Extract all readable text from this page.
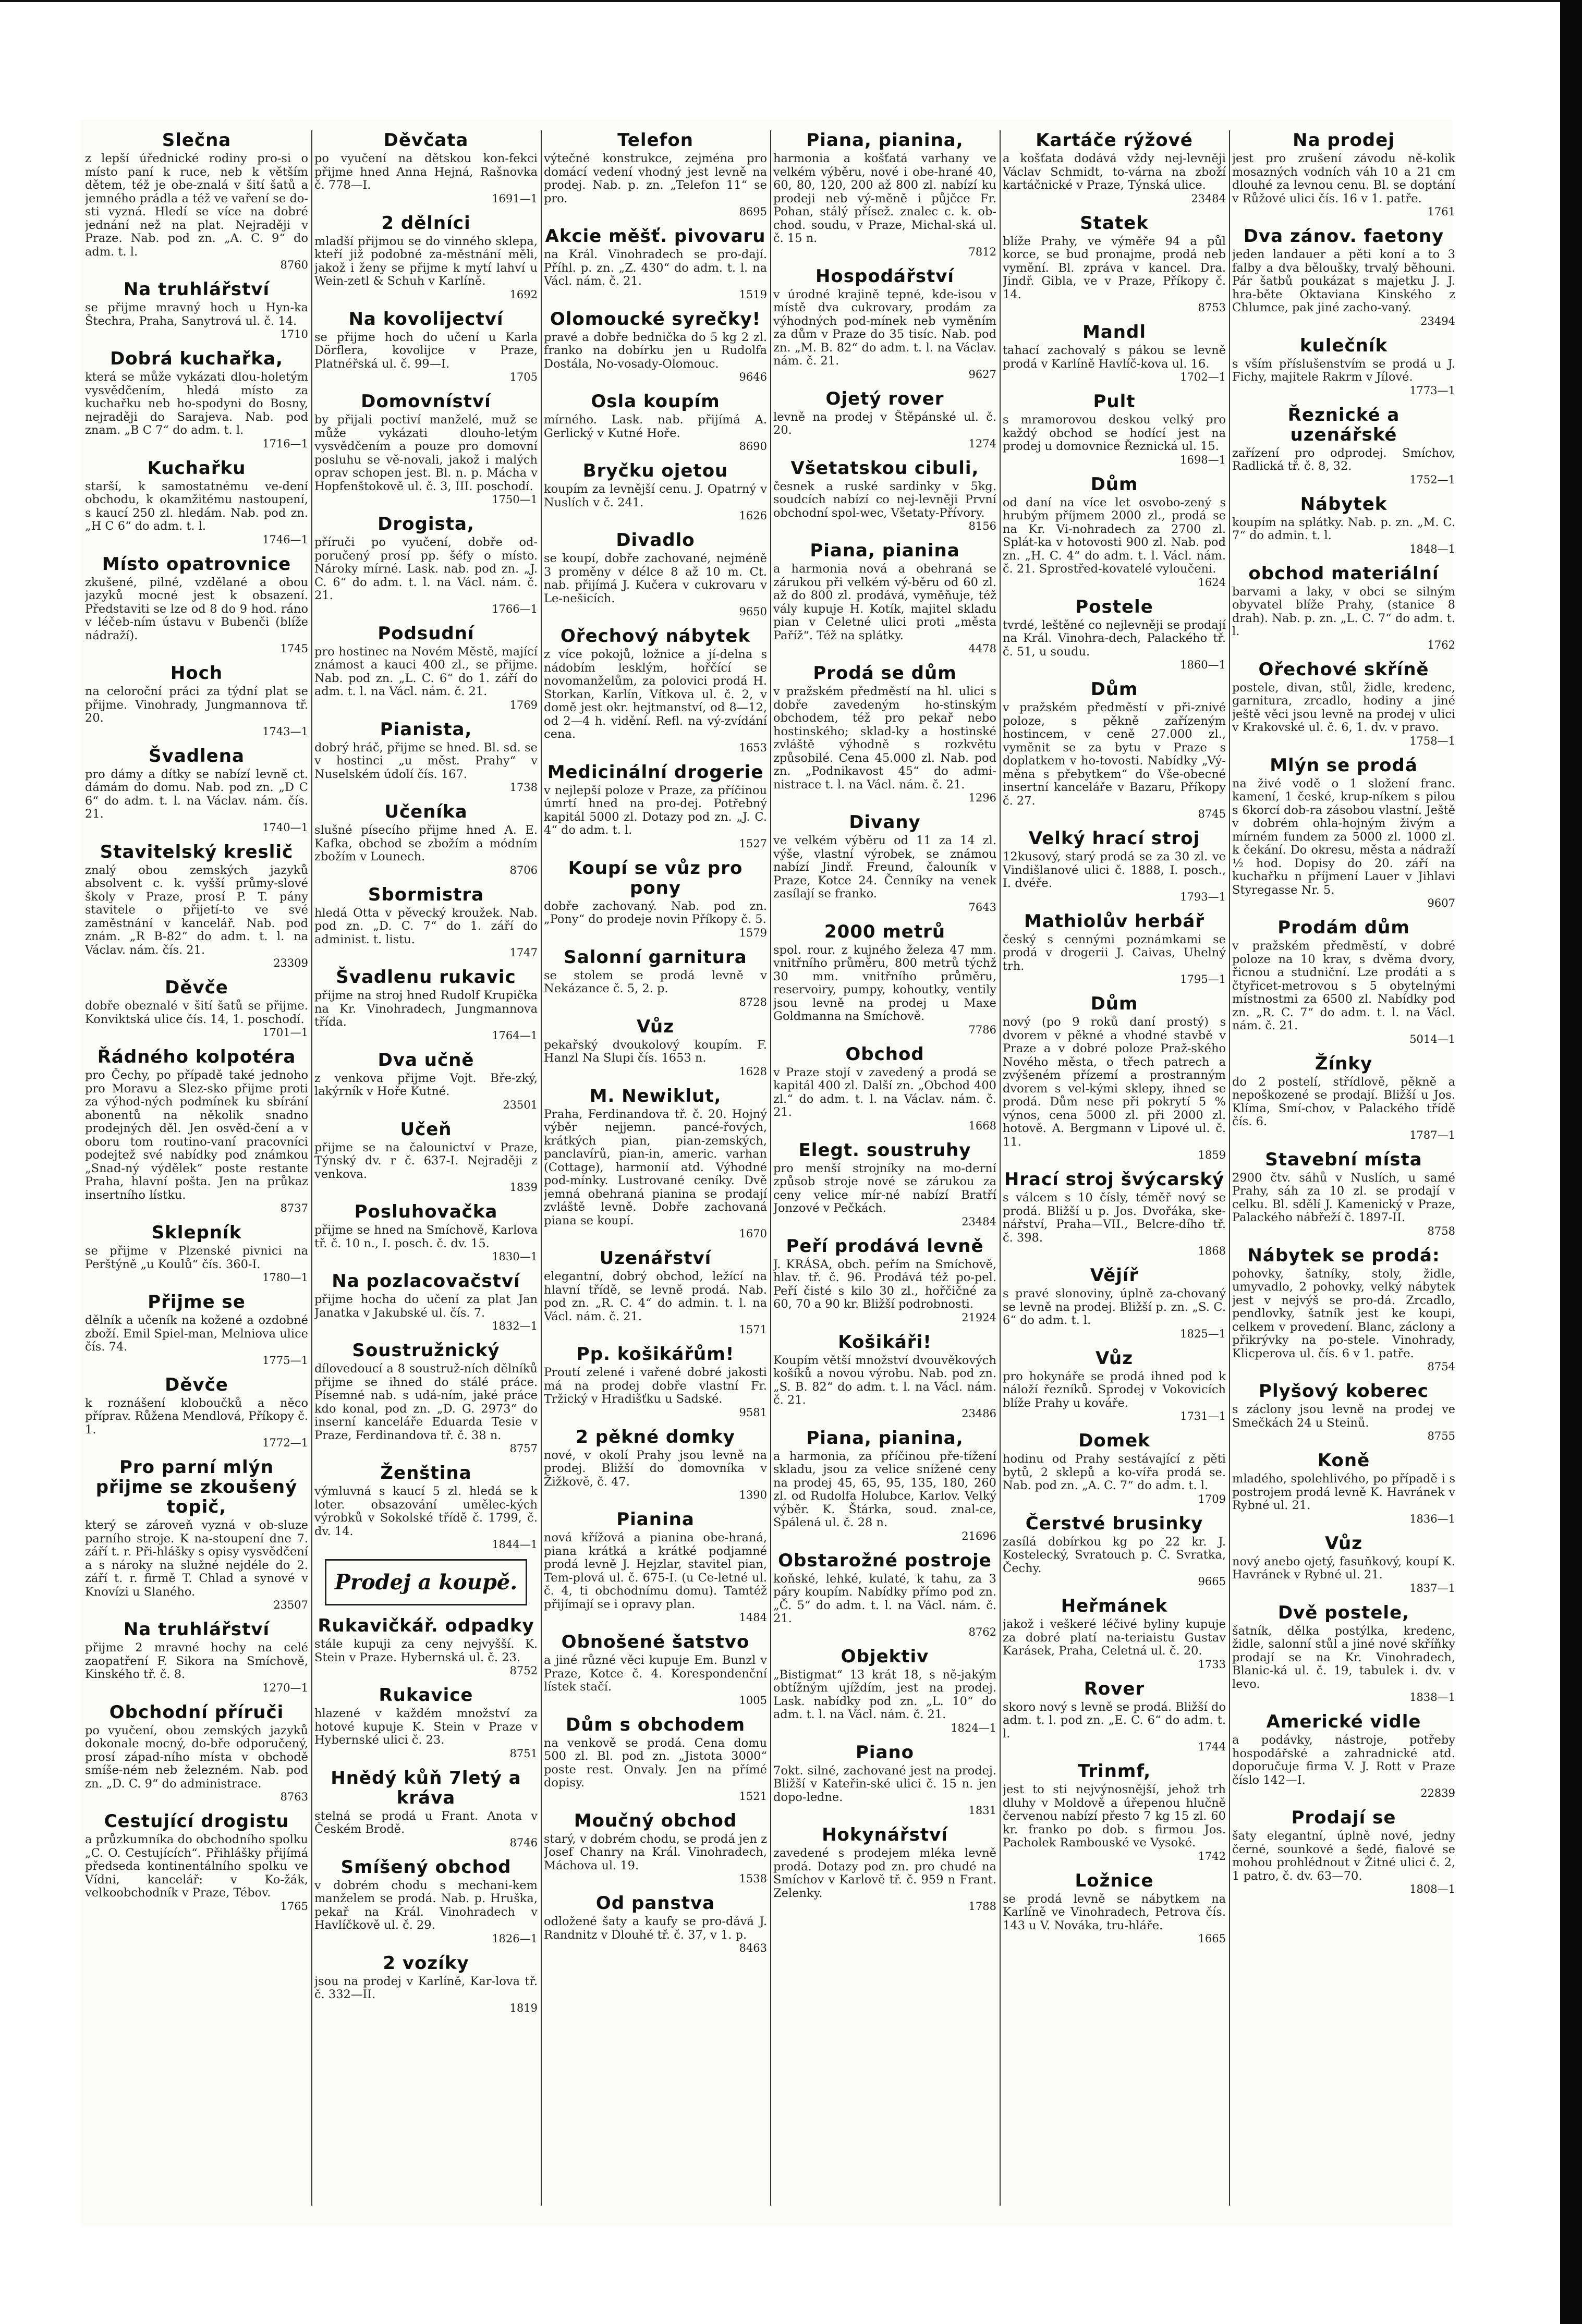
Slečna

z lepší úřednické rodiny pro-si o místo paní k ruce, neb k větším dětem, též je obe-znalá v šití šatů a jemného prádla a též ve vaření se do-sti vyzná. Hledí se více na dobré jednání než na plat. Nejraději v Praze. Nab. pod zn. „A. C. 9“ do adm. t. l.

8760
Na truhlářství

se přijme mravný hoch u Hyn-ka Štechra, Praha, Sanytrová ul. č. 14.

1710
Dobrá kuchařka,

která se může vykázati dlou-holetým vysvědčením, hledá místo za kuchařku neb ho-spodyni do Bosny, nejraději do Sarajeva. Nab. pod znam. „B C 7“ do adm. t. l.

1716—1
Kuchařku

starší, k samostatnému ve-dení obchodu, k okamžitému nastoupení, s kaucí 250 zl. hledám. Nab. pod zn. „H C 6“ do adm. t. l.

1746—1
Místo opatrovnice

zkušené, pilné, vzdělané a obou jazyků mocné jest k obsazení. Představiti se lze od 8 do 9 hod. ráno v léčeb-ním ústavu v Bubenči (blíže nádraží).

1745
Hoch

na celoroční práci za týdní plat se přijme. Vinohrady, Jungmannova tř. 20.

1743—1
Švadlena

pro dámy a dítky se nabízí levně ct. dámám do domu. Nab. pod zn. „D C 6“ do adm. t. l. na Václav. nám. čís. 21.

1740—1
Stavitelský kreslič

znalý obou zemských jazyků absolvent c. k. vyšší průmy-slové školy v Praze, prosí P. T. pány stavitele o přijetí-to ve své zaměstnání v kancelář. Nab. pod znám. „R B-82“ do adm. t. l. na Václav. nám. čís. 21.

23309
Děvče

dobře obeznalé v šití šatů se přijme. Konviktská ulice čís. 14, 1. poschodí.

1701—1
Řádného kolpotéra

pro Čechy, po případě také jednoho pro Moravu a Slez-sko přijme proti za výhod-ných podmínek ku sbírání abonentů na několik snadno prodejných děl. Jen osvěd-čení a v oboru tom routino-vaní pracovníci podejtež své nabídky pod známkou „Snad-ný výdělek“ poste restante Praha, hlavní pošta. Jen na průkaz insertního lístku.

8737
Sklepník

se přijme v Plzenské pivnici na Perštýně „u Koulů“ čís. 360-I.

1780—1
Přijme se

dělník a učeník na kožené a ozdobné zboží. Emil Spiel-man, Melniova ulice čís. 74.

1775—1
Děvče

k roznášení kloboučků a něco příprav. Růžena Mendlová, Příkopy č. 1.

1772—1
Pro parní mlýn přijme se zkoušený topič,

který se zároveň vyzná v ob-sluze parního stroje. K na-stoupení dne 7. září t. r. Při-hlášky s opisy vysvědčení a s nároky na služné nejdéle do 2. září t. r. firmě T. Chlad a synové v Knovízi u Slaného.

23507
Na truhlářství

přijme 2 mravné hochy na celé zaopatření F. Sikora na Smíchově, Kinského tř. č. 8.

1270—1
Obchodní příruči

po vyučení, obou zemských jazyků dokonale mocný, do-bře odporučený, prosí západ-ního místa v obchodě smíše-ném neb železném. Nab. pod zn. „D. C. 9“ do administrace.

8763
Cestující drogistu

a průzkumníka do obchodního spolku „C. O. Cestujících“. Přihlášky přijímá předseda kontinentálního spolku ve Vídni, kancelář: v Ko-žák, velkoobchodník v Praze, Tébov.

1765
Děvčata

po vyučení na dětskou kon-fekci přijme hned Anna Hejná, Rašnovka č. 778—I.

1691—1
2 dělníci

mladší přijmou se do vinného sklepa, kteří již podobné za-městnání měli, jakož i ženy se přijme k mytí lahví u Wein-zetl & Schuh v Karlíně.

1692
Na kovolijectví

se přijme hoch do učení u Karla Dörflera, kovolijce v Praze, Platnéřská ul. č. 99—I.

1705
Domovníství

by přijali poctiví manželé, muž se může vykázati dlouho-letým vysvědčením a pouze pro domovní posluhu se vě-novali, jakož i malých oprav schopen jest. Bl. n. p. Mácha v Hopfenštokově ul. č. 3, III. poschodí.

1750—1
Drogista,

příruči po vyučení, dobře od-poručený prosí pp. šéfy o místo. Nároky mírné. Lask. nab. pod zn. „J. C. 6“ do adm. t. l. na Václ. nám. č. 21.

1766—1
Podsudní

pro hostinec na Novém Městě, mající známost a kauci 400 zl., se přijme. Nab. pod zn. „L. C. 6“ do 1. září do adm. t. l. na Václ. nám. č. 21.

1769
Pianista,

dobrý hráč, přijme se hned. Bl. sd. se v hostinci „u měst. Prahy“ v Nuselském údolí čís. 167.

1738
Učeníka

slušné písecího přijme hned A. E. Kafka, obchod se zbožím a módním zbožím v Lounech.

8706
Sbormistra

hledá Otta v pěvecký kroužek. Nab. pod zn. „D. C. 7“ do 1. září do administ. t. listu.

1747
Švadlenu rukavic

přijme na stroj hned Rudolf Krupička na Kr. Vinohradech, Jungmannova třída.

1764—1
Dva učně

z venkova přijme Vojt. Bře-zký, lakýrník v Hoře Kutné.

23501
Učeň

přijme se na čalounictví v Praze, Týnský dv. r č. 637-I. Nejraději z venkova.

1839
Posluhovačka

přijme se hned na Smíchově, Karlova tř. č. 10 n., I. posch. č. dv. 15.

1830—1
Na pozlacovačství

přijme hocha do učení za plat Jan Janatka v Jakubské ul. čís. 7.

1832—1
Soustružnický

dílovedoucí a 8 soustruž-ních dělníků přijme se ihned do stálé práce. Písemné nab. s udá-ním, jaké práce kdo konal, pod zn. „D. G. 2973“ do inserní kanceláře Eduarda Tesie v Praze, Ferdinandova tř. č. 38 n.

8757
Ženština

výmluvná s kaucí 5 zl. hledá se k loter. obsazování umělec-kých výrobků v Sokolské třídě č. 1799, č. dv. 14.

1844—1
Prodej a koupě.
Rukavičkář. odpadky

stále kupuji za ceny nejvyšší. K. Stein v Praze. Hybernská ul. č. 23.

8752
Rukavice

hlazené v každém množství za hotové kupuje K. Stein v Praze v Hybernské ulici č. 23.

8751
Hnědý kůň 7letý a kráva

stelná se prodá u Frant. Anota v Českém Brodě.

8746
Smíšený obchod

v dobrém chodu s mechani-kem manželem se prodá. Nab. p. Hruška, pekař na Král. Vinohradech v Havlíčkově ul. č. 29.

1826—1
2 vozíky

jsou na prodej v Karlíně, Kar-lova tř. č. 332—II.

1819
Telefon

výtečné konstrukce, zejména pro domácí vedení vhodný jest levně na prodej. Nab. p. zn. „Telefon 11“ se pro.

8695
Akcie měšť. pivovaru

na Král. Vinohradech se pro-dají. Příhl. p. zn. „Z. 430“ do adm. t. l. na Václ. nám. č. 21.

1519
Olomoucké syrečky!

pravé a dobře bednička do 5 kg 2 zl. franko na dobírku jen u Rudolfa Dostála, No-vosady-Olomouc.

9646
Osla koupím

mírného. Lask. nab. přijímá A. Gerlický v Kutné Hoře.

8690
Bryčku ojetou

koupím za levnější cenu. J. Opatrný v Nuslích v č. 241.

1626
Divadlo

se koupí, dobře zachované, nejméně 3 proměny v délce 8 až 10 m. Ct. nab. přijímá J. Kučera v cukrovaru v Le-nešicích.

9650
Ořechový nábytek

z více pokojů, ložnice a jí-delna s nádobím lesklým, hořčící se novomanželům, za polovici prodá H. Storkan, Karlín, Vítkova ul. č. 2, v domě jest okr. hejtmanství, od 8—12, od 2—4 h. vidění. Refl. na vý-zvídání cena.

1653
Medicinální drogerie

v nejlepší poloze v Praze, za příčinou úmrtí hned na pro-dej. Potřebný kapitál 5000 zl. Dotazy pod zn. „J. C. 4“ do adm. t. l.

1527
Koupí se vůz pro pony

dobře zachovaný. Nab. pod zn. „Pony“ do prodeje novin Příkopy č. 5.

1579
Salonní garnitura

se stolem se prodá levně v Nekázance č. 5, 2. p.

8728
Vůz

pekařský dvoukolový koupím. F. Hanzl Na Slupi čís. 1653 n.

1628
M. Newiklut,

Praha, Ferdinandova tř. č. 20. Hojný výběr nejjemn. pancé-řových, krátkých pian, pian-zemských, panclavírů, pian-in, americ. varhan (Cottage), harmonií atd. Výhodné pod-mínky. Lustrované ceníky. Dvě jemná obehraná pianina se prodají zvláště levně. Dobře zachovaná piana se koupí.

1670
Uzenářství

elegantní, dobrý obchod, ležící na hlavní třídě, se levně prodá. Nab. pod zn. „R. C. 4“ do admin. t. l. na Václ. nám. č. 21.

1571
Pp. košikářům!

Proutí zelené i vařené dobré jakosti má na prodej dobře vlastní Fr. Tržický v Hradišťku u Sadské.

9581
2 pěkné domky

nové, v okolí Prahy jsou levně na prodej. Bližší do domovníka v Žižkově, č. 47.

1390
Pianina

nová křížová a pianina obe-hraná, piana krátká a krátké podjamné prodá levně J. Hejzlar, stavitel pian, Tem-plová ul. č. 675-I. (u Ce-letné ul. č. 4, ti obchodnímu domu). Tamtéž přijímají se i opravy plan.

1484
Obnošené šatstvo

a jiné různé věci kupuje Em. Bunzl v Praze, Kotce č. 4. Korespondenční lístek stačí.

1005
Dům s obchodem

na venkově se prodá. Cena domu 500 zl. Bl. pod zn. „Jistota 3000“ poste rest. Onvaly. Jen na přímé dopisy.

1521
Moučný obchod

starý, v dobrém chodu, se prodá jen z Josef Chanry na Král. Vinohradech, Máchova ul. 19.

1538
Od panstva

odložené šaty a kaufy se pro-dává J. Randnitz v Dlouhé tř. č. 37, v 1. p.

8463
Piana, pianina,

harmonia a košťatá varhany ve velkém výběru, nové i obe-hrané 40, 60, 80, 120, 200 až 800 zl. nabízí ku prodeji neb vý-měně i půjčce Fr. Pohan, stálý přísež. znalec c. k. ob-chod. soudu, v Praze, Michal-ská ul. č. 15 n.

7812
Hospodářství

v úrodné krajině tepné, kde-isou v místě dva cukrovary, prodám za výhodných pod-mínek neb vyměním za dům v Praze do 35 tisíc. Nab. pod zn. „M. B. 82“ do adm. t. l. na Václav. nám. č. 21.

9627
Ojetý rover

levně na prodej v Štěpánské ul. č. 20.

1274
Všetatskou cibuli,

česnek a ruské sardinky v 5kg. soudcích nabízí co nej-levněji První obchodní spol-wec, Všetaty-Přívory.

8156
Piana, pianina

a harmonia nová a obehraná se zárukou při velkém vý-běru od 60 zl. až do 800 zl. prodává, vyměňuje, též vály kupuje H. Kotík, majitel skladu pian v Celetné ulici proti „města Paříž“. Též na splátky.

4478
Prodá se dům

v pražském předměstí na hl. ulici s dobře zavedeným ho-stinským obchodem, též pro pekař nebo hostinského; sklad-ky a hostinské zvláště výhodně s rozkvětu způsobilé. Cena 45.000 zl. Nab. pod zn. „Podnikavost 45“ do admi-nistrace t. l. na Václ. nám. č. 21.

1296
Divany

ve velkém výběru od 11 za 14 zl. výše, vlastní výrobek, se známou nabízí Jindř. Freund, čalouník v Praze, Kotce 24. Čenníky na venek zasílají se franko.

7643
2000 metrů

spol. rour. z kujného železa 47 mm. vnitřního průměru, 800 metrů týchž 30 mm. vnitřního průměru, reservoiry, pumpy, kohoutky, ventily jsou levně na prodej u Maxe Goldmanna na Smíchově.

7786
Obchod

v Praze stojí v zavedený a prodá se kapitál 400 zl. Další zn. „Obchod 400 zl.“ do adm. t. l. na Václav. nám. č. 21.

1668
Elegt. soustruhy

pro menší strojníky na mo-derní způsob stroje nové se zárukou za ceny velice mír-né nabízí Bratří Jonzové v Pečkách.

23484
Peří prodává levně

J. KRÁSA, obch. peřím na Smíchově, hlav. tř. č. 96. Prodává též po-pel. Peří čisté s kilo 30 zl., hořčičné za 60, 70 a 90 kr. Bližší podrobnosti.

21924
Košikáři!

Koupím větší množství dvouvěkových košíků a novou výrobu. Nab. pod zn. „S. B. 82“ do adm. t. l. na Václ. nám. č. 21.

23486
Piana, pianina,

a harmonia, za příčinou pře-tížení skladu, jsou za velice snížené ceny na prodej 45, 65, 95, 135, 180, 260 zl. od Rudolfa Holubce, Karlov. Velký výběr. K. Štárka, soud. znal-ce, Spálená ul. č. 28 n.

21696
Obstarožné postroje

koňské, lehké, kulaté, k tahu, za 3 páry koupím. Nabídky přímo pod zn. „Č. 5“ do adm. t. l. na Václ. nám. č. 21.

8762
Objektiv

„Bistigmat“ 13 krát 18, s ně-jakým obtížným ujíždím, jest na prodej. Lask. nabídky pod zn. „L. 10“ do adm. t. l. na Václ. nám. č. 21.

1824—1
Piano

7okt. silné, zachované jest na prodej. Bližší v Kateřin-ské ulici č. 15 n. jen dopo-ledne.

1831
Hokynářství

zavedené s prodejem mléka levně prodá. Dotazy pod zn. pro chudé na Smíchov v Karlově tř. č. 959 n Frant. Zelenky.

1788
Kartáče rýžové

a košťata dodává vždy nej-levněji Václav Schmidt, to-várna na zboží kartáčnické v Praze, Týnská ulice.

23484
Statek

blíže Prahy, ve výměře 94 a půl korce, se bud pronajme, prodá neb vymění. Bl. zpráva v kancel. Dra. Jindř. Gibla, ve v Praze, Příkopy č. 14.

8753
Mandl

tahací zachovalý s pákou se levně prodá v Karlíně Havlíč-kova ul. 16.

1702—1
Pult

s mramorovou deskou velký pro každý obchod se hodící jest na prodej u domovnice Řeznická ul. 15.

1698—1
Dům

od daní na více let osvobo-zený s hrubým příjmem 2000 zl., prodá se na Kr. Vi-nohradech za 2700 zl. Splát-ka v hotovosti 900 zl. Nab. pod zn. „H. C. 4“ do adm. t. l. Václ. nám. č. 21. Sprostřed-kovatelé vyloučeni.

1624
Postele

tvrdé, leštěné co nejlevněji se prodají na Král. Vinohra-dech, Palackého tř. č. 51, u soudu.

1860—1
Dům

v pražském předměstí v při-znivé poloze, s pěkně zařízeným hostincem, v ceně 27.000 zl., vyměnit se za bytu v Praze s doplatkem v ho-tovosti. Nabídky „Vý-měna s přebytkem“ do Vše-obecné insertní kanceláře v Bazaru, Příkopy č. 27.

8745
Velký hrací stroj

12kusový, starý prodá se za 30 zl. ve Vindišlanové ulici č. 1888, I. posch., I. dvéře.

1793—1
Mathiolův herbář

český s cennými poznámkami se prodá v drogerii J. Caivas, Uhelný trh.

1795—1
Dům

nový (po 9 roků daní prostý) s dvorem v pěkné a vhodné stavbě v Praze a v dobré poloze Praž-ského Nového města, o třech patrech a zvýšeném přízemí a prostranným dvorem s vel-kými sklepy, ihned se prodá. Dům nese při pokrytí 5 % výnos, cena 5000 zl. při 2000 zl. hotově. A. Bergmann v Lipové ul. č. 11.

1859
Hrací stroj švýcarský

s válcem s 10 čísly, téměř nový se prodá. Bližší u p. Jos. Dvořáka, ske-nářství, Praha—VII., Belcre-dího tř. č. 398.

1868
Vějíř

s pravé slonoviny, úplně za-chovaný se levně na prodej. Bližší p. zn. „S. C. 6“ do adm. t. l.

1825—1
Vůz

pro hokynáře se prodá ihned pod k náloží řezníků. Sprodej v Vokovicích blíže Prahy u kováře.

1731—1
Domek

hodinu od Prahy sestávající z pěti bytů, 2 sklepů a ko-vířa prodá se. Nab. pod zn. „A. C. 7“ do adm. t. l.

1709
Čerstvé brusinky

zasílá dobírkou kg po 22 kr. J. Kostelecký, Svratouch p. Č. Svratka, Čechy.

9665
Heřmánek

jakož i veškeré léčivé byliny kupuje za dobré platí na-teriaistu Gustav Karásek, Praha, Celetná ul. č. 20.

1733
Rover

skoro nový s levně se prodá. Bližší do adm. t. l. pod zn. „E. C. 6“ do adm. t. l.

1744
Trinmf,

jest to sti nejvýnosnější, jehož trh dluhy v Moldově a úřepenou hlučně červenou nabízí přesto 7 kg 15 zl. 60 kr. franko po dob. s firmou Jos. Pacholek Rambouské ve Vysoké.

1742
Ložnice

se prodá levně se nábytkem na Karlíně ve Vinohradech, Petrova čís. 143 u V. Nováka, tru-hláře.

1665
Na prodej

jest pro zrušení závodu ně-kolik mosazných vodních váh 10 a 21 cm dlouhé za levnou cenu. Bl. se doptání v Růžové ulici čís. 16 v 1. patře.

1761
Dva zánov. faetony

jeden landauer a pěti koní a to 3 falby a dva běloušky, trvalý běhouni. Pár šatbů poukázat s majetku J. J. hra-běte Oktaviana Kinského z Chlumce, pak jiné zacho-vaný.

23494
kulečník

s vším příslušenstvím se prodá u J. Fichy, majitele Rakrm v Jílové.

1773—1
Řeznické a uzenářské

zařízení pro odprodej. Smíchov, Radlická tř. č. 8, 32.

1752—1
Nábytek

koupím na splátky. Nab. p. zn. „M. C. 7“ do admin. t. l.

1848—1
obchod materiální

barvami a laky, v obci se silným obyvatel blíže Prahy, (stanice 8 drah). Nab. p. zn. „L. C. 7“ do adm. t. l.

1762
Ořechové skříně

postele, divan, stůl, židle, kredenc, garnitura, zrcadlo, hodiny a jiné ještě věci jsou levně na prodej v ulici v Krakovské ul. č. 6, 1. dv. v pravo.

1758—1
Mlýn se prodá

na živé vodě o 1 složení franc. kamení, 1 české, krup-níkem s pilou s 6korcí dob-ra zásobou vlastní. Ještě v dobrém ohla-hojným živým a mírném fundem za 5000 zl. 1000 zl. k čekání. Do okresu, města a nádraží ½ hod. Dopisy do 20. září na kuchařku n příjmení Lauer v Jihlavi Styregasse Nr. 5.

9607
Prodám dům

v pražském předměstí, v dobré poloze na 10 krav, s dvěma dvory, řicnou a studniční. Lze prodáti a s čtyřicet-metrovou s 5 obytelnými místnostmi za 6500 zl. Nabídky pod zn. „R. C. 7“ do adm. t. l. na Václ. nám. č. 21.

5014—1
Žínky

do 2 postelí, střídlově, pěkně a nepoškozené se prodají. Bližší u Jos. Klíma, Smí-chov, v Palackého třídě čís. 6.

1787—1
Stavební místa

2900 čtv. sáhů v Nuslích, u samé Prahy, sáh za 10 zl. se prodají v celku. Bl. sdělí J. Kamenický v Praze, Palackého nábřeží č. 1897-II.

8758
Nábytek se prodá:

pohovky, šatníky, stoly, židle, umyvadlo, 2 pohovky, velký nábytek jest v nejvýš se pro-dá. Zrcadlo, pendlovky, šatník jest ke koupi, celkem v provedení. Blanc, záclony a přikrývky na po-stele. Vinohrady, Klicperova ul. čís. 6 v 1. patře.

8754
Plyšový koberec

s záclony jsou levně na prodej ve Smečkách 24 u Steinů.

8755
Koně

mladého, spolehlivého, po případě i s postrojem prodá levně K. Havránek v Rybné ul. 21.

1836—1
Vůz

nový anebo ojetý, fasuňkový, koupí K. Havránek v Rybné ul. 21.

1837—1
Dvě postele,

šatník, dělka postýlka, kredenc, židle, salonní stůl a jiné nové skříňky prodají se na Kr. Vinohradech, Blanic-ká ul. č. 19, tabulek i. dv. v levo.

1838—1
Americké vidle

a podávky, nástroje, potřeby hospodářské a zahradnické atd. doporučuje firma V. J. Rott v Praze číslo 142—I.

22839
Prodají se

šaty elegantní, úplně nové, jedny černé, sounkové a šedé, fialové se mohou prohlédnout v Žitné ulici č. 2, 1 patro, č. dv. 63—70.

1808—1
